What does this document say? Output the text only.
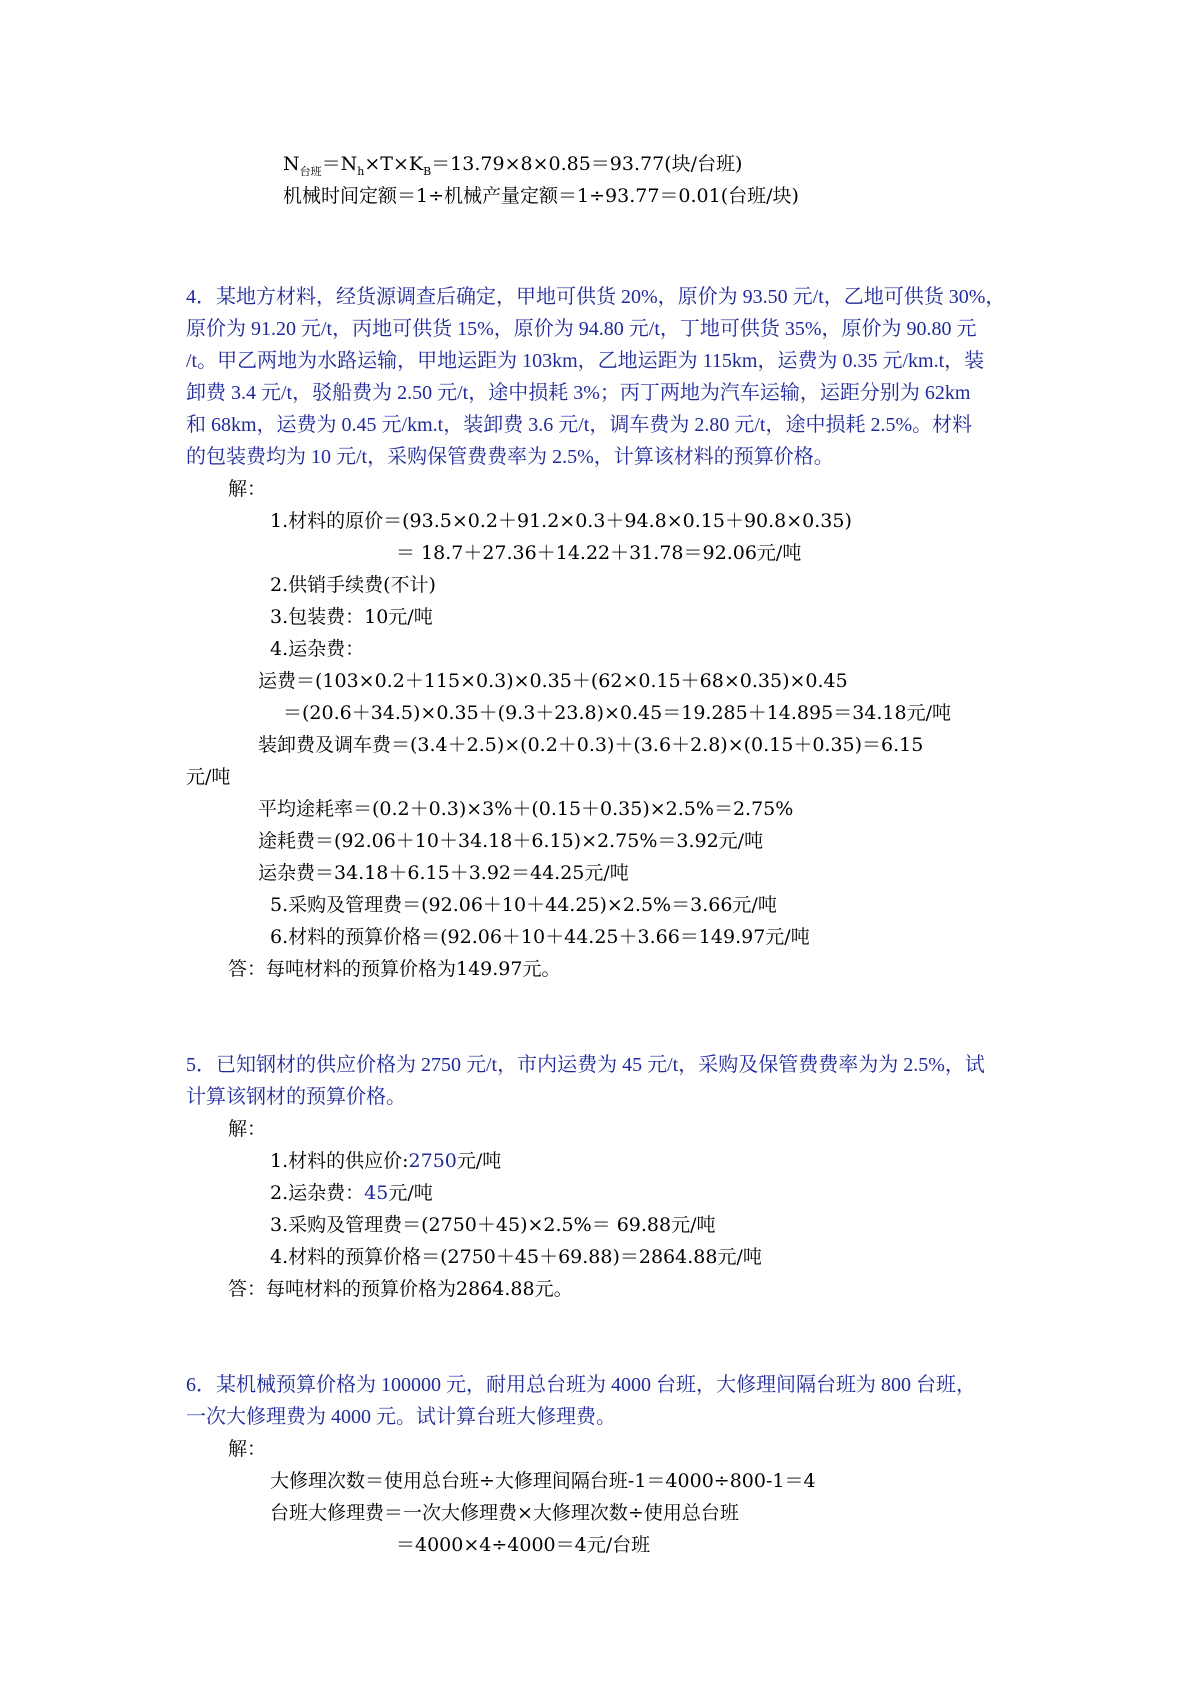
$N_{台班}=N_h\times T\times K_B=13.79\times 8\times 0.85=93.77$(块/台班)
机械时间定额＝1÷机械产量定额＝1÷93.77＝0.01(台班/块)
4．某地方材料，经货源调查后确定，甲地可供货 20%，原价为 93.50 元/t，乙地可供货 30%，
原价为 91.20 元/t，丙地可供货 15%，原价为 94.80 元/t，丁地可供货 35%，原价为 90.80 元
/t。甲乙两地为水路运输，甲地运距为 103km，乙地运距为 115km，运费为 0.35 元/km.t，装
卸费 3.4 元/t，驳船费为 2.50 元/t，途中损耗 3%；丙丁两地为汽车运输，运距分别为 62km
和 68km，运费为 0.45 元/km.t，装卸费 3.6 元/t，调车费为 2.80 元/t，途中损耗 2.5%。材料
的包装费均为 10 元/t，采购保管费费率为 2.5%，计算该材料的预算价格。
解：
1.材料的原价＝(93.5×0.2＋91.2×0.3＋94.8×0.15＋90.8×0.35)
＝ 18.7＋27.36＋14.22＋31.78＝92.06元/吨
2.供销手续费(不计)
3.包装费：10元/吨
4.运杂费：
运费＝(103×0.2＋115×0.3)×0.35＋(62×0.15＋68×0.35)×0.45
＝(20.6＋34.5)×0.35＋(9.3＋23.8)×0.45＝19.285＋14.895＝34.18元/吨
装卸费及调车费＝(3.4＋2.5)×(0.2＋0.3)＋(3.6＋2.8)×(0.15＋0.35)＝6.15
元/吨
平均途耗率＝(0.2＋0.3)×3%＋(0.15＋0.35)×2.5%＝2.75%
途耗费＝(92.06＋10＋34.18＋6.15)×2.75%＝3.92元/吨
运杂费＝34.18＋6.15＋3.92＝44.25元/吨
5.采购及管理费＝(92.06＋10＋44.25)×2.5%＝3.66元/吨
6.材料的预算价格＝(92.06＋10＋44.25＋3.66＝149.97元/吨
答：每吨材料的预算价格为149.97元。
5．已知钢材的供应价格为 2750 元/t，市内运费为 45 元/t，采购及保管费费率为为 2.5%，试
计算该钢材的预算价格。
解：
1.材料的供应价:2750元/吨
2.运杂费：45元/吨
3.采购及管理费＝(2750＋45)×2.5%＝ 69.88元/吨
4.材料的预算价格＝(2750＋45＋69.88)＝2864.88元/吨
答：每吨材料的预算价格为2864.88元。
6．某机械预算价格为 100000 元，耐用总台班为 4000 台班，大修理间隔台班为 800 台班，
一次大修理费为 4000 元。试计算台班大修理费。
解：
大修理次数＝使用总台班÷大修理间隔台班-1＝4000÷800-1＝4
台班大修理费＝一次大修理费×大修理次数÷使用总台班
＝4000×4÷4000＝4元/台班
